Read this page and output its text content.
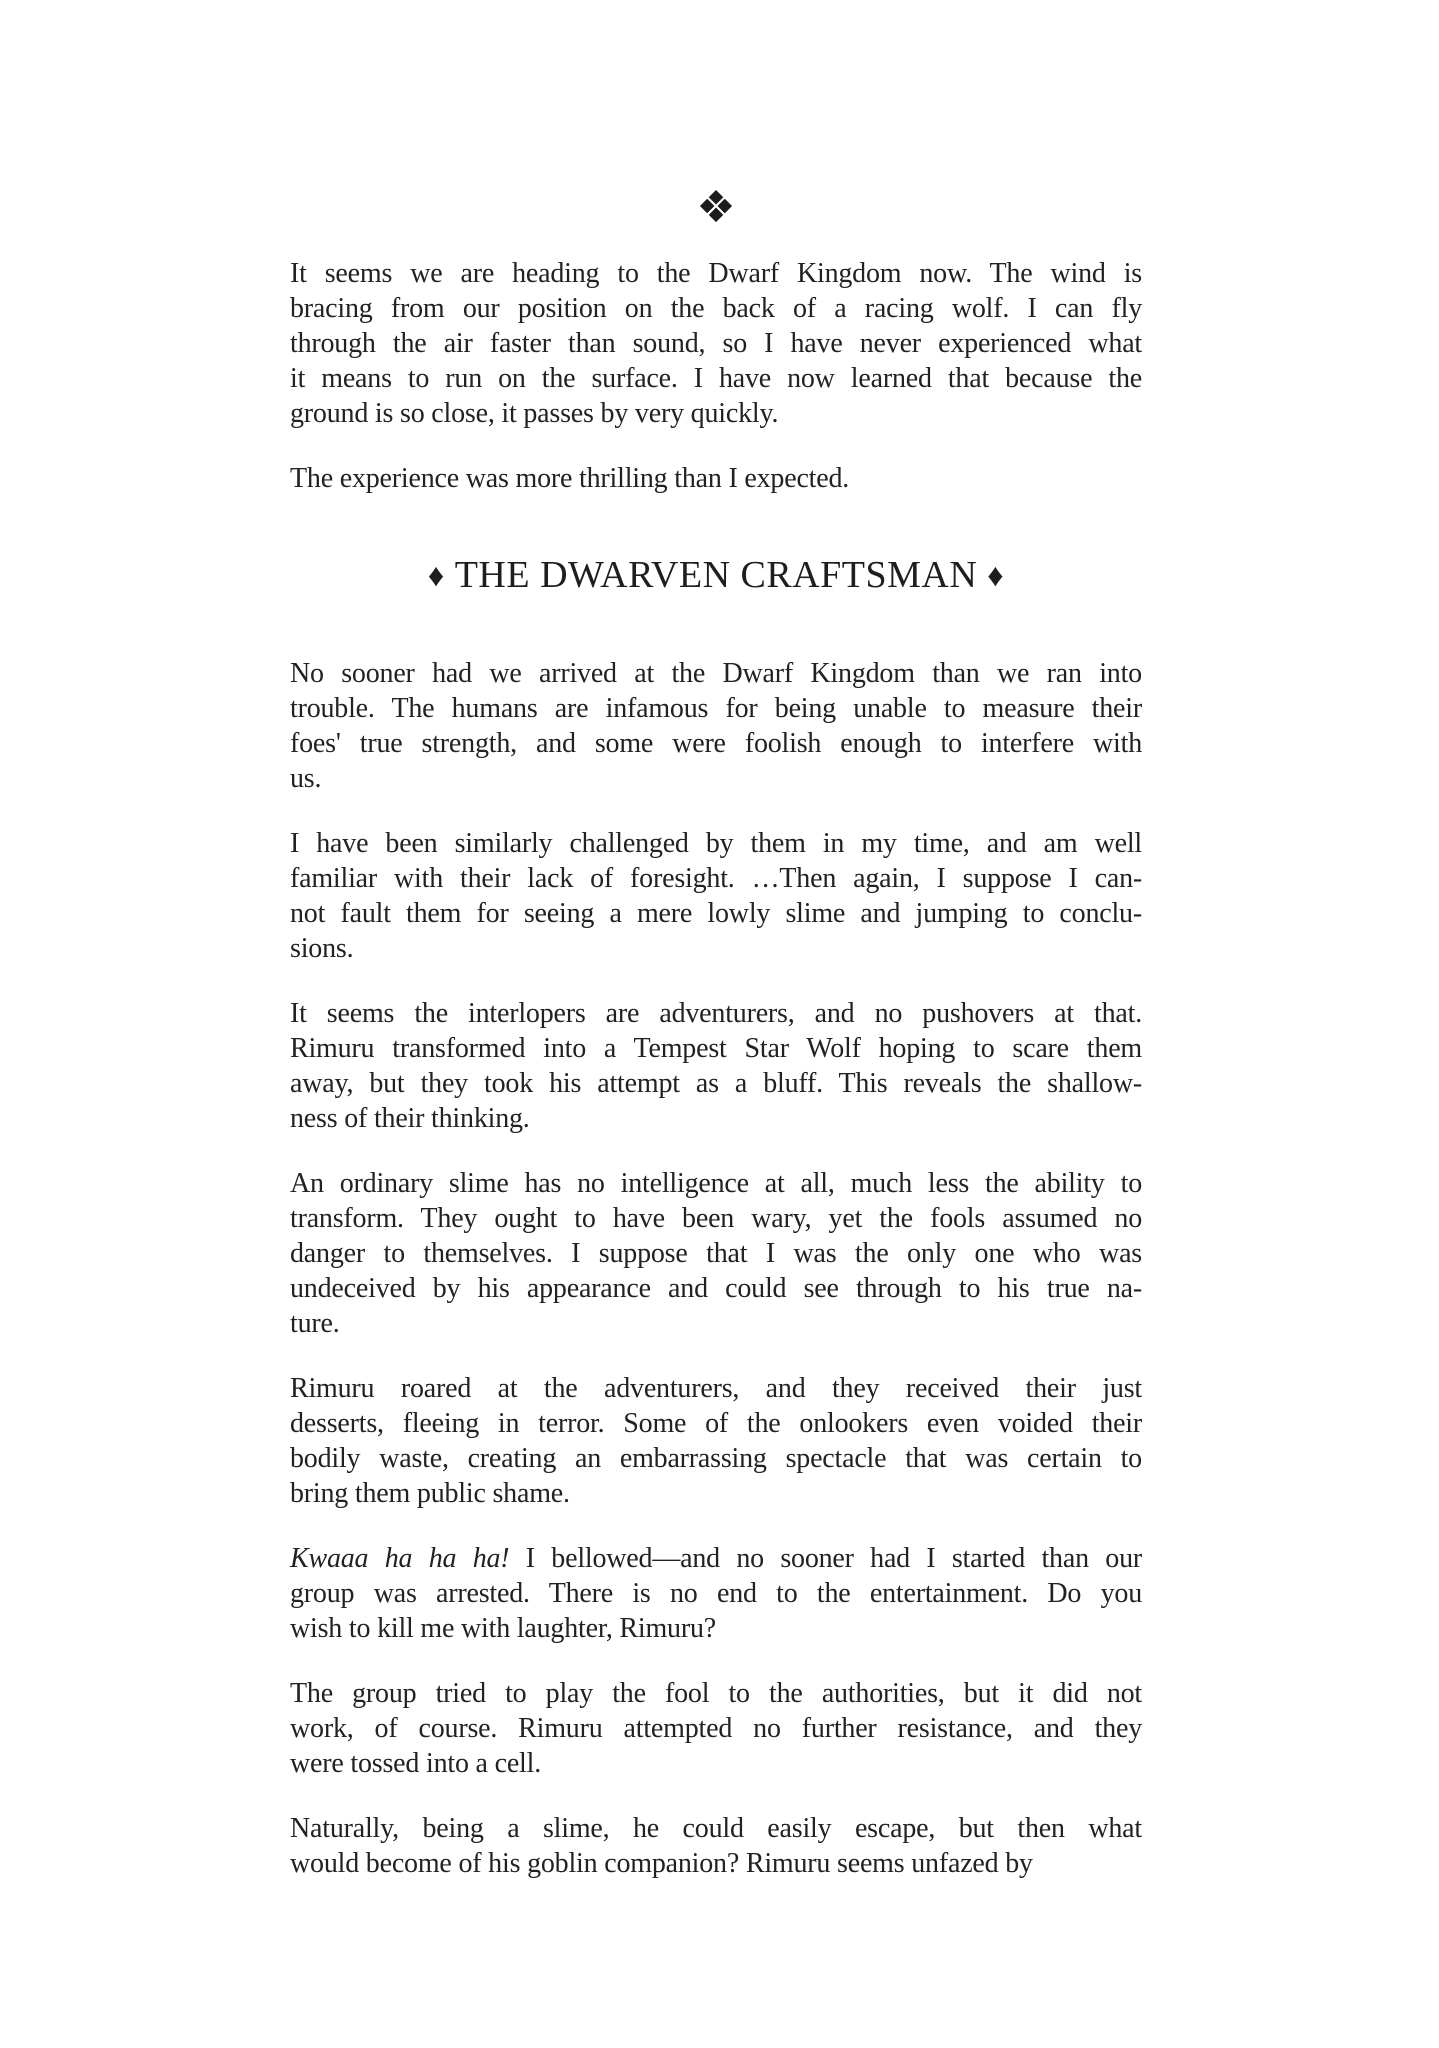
❖
It seems we are heading to the Dwarf Kingdom now. The wind is
bracing from our position on the back of a racing wolf. I can fly
through the air faster than sound, so I have never experienced what
it means to run on the surface. I have now learned that because the
ground is so close, it passes by very quickly.
The experience was more thrilling than I expected.
♦ THE DWARVEN CRAFTSMAN ♦
No sooner had we arrived at the Dwarf Kingdom than we ran into
trouble. The humans are infamous for being unable to measure their
foes' true strength, and some were foolish enough to interfere with
us.
I have been similarly challenged by them in my time, and am well
familiar with their lack of foresight. …Then again, I suppose I can-
not fault them for seeing a mere lowly slime and jumping to conclu-
sions.
It seems the interlopers are adventurers, and no pushovers at that.
Rimuru transformed into a Tempest Star Wolf hoping to scare them
away, but they took his attempt as a bluff. This reveals the shallow-
ness of their thinking.
An ordinary slime has no intelligence at all, much less the ability to
transform. They ought to have been wary, yet the fools assumed no
danger to themselves. I suppose that I was the only one who was
undeceived by his appearance and could see through to his true na-
ture.
Rimuru roared at the adventurers, and they received their just
desserts, fleeing in terror. Some of the onlookers even voided their
bodily waste, creating an embarrassing spectacle that was certain to
bring them public shame.
Kwaaa ha ha ha! I bellowed—and no sooner had I started than our
group was arrested. There is no end to the entertainment. Do you
wish to kill me with laughter, Rimuru?
The group tried to play the fool to the authorities, but it did not
work, of course. Rimuru attempted no further resistance, and they
were tossed into a cell.
Naturally, being a slime, he could easily escape, but then what
would become of his goblin companion? Rimuru seems unfazed by
